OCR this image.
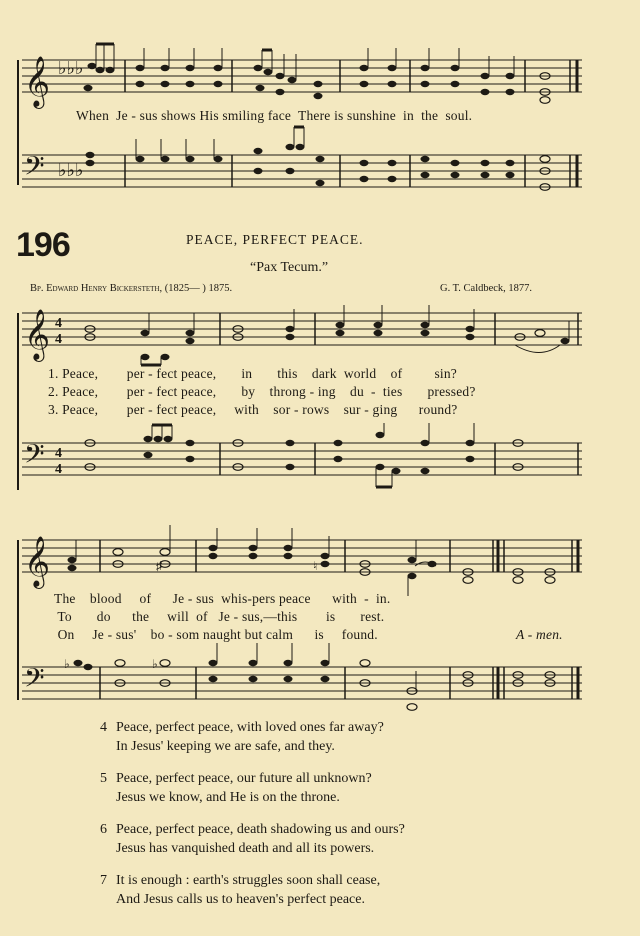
𝄞 ♭♭♭
𝄢 ♭♭♭
𝄞 4
4
𝄢 4
4
𝄞	♯	♮
𝄢 ♭	♭
When  Je - sus shows His smiling face  There is sunshine  in  the  soul.
196	PEACE, PERFECT PEACE.
“Pax Tecum.”
Bp. Edward Henry Bickersteth, (1825— ) 1875.	G. T. Caldbeck, 1877.
1. Peace,        per - fect peace,       in       this    dark  world    of         sin?
2. Peace,        per - fect peace,       by    throng - ing    du  -  ties       pressed?
3. Peace,        per - fect peace,     with    sor - rows    sur - ging      round?
The    blood     of      Je - sus  whis-pers peace      with  -  in.
To       do      the     will  of   Je - sus,—this        is       rest.
On     Je - sus'    bo - som naught but calm      is     found.	A - men.
4 Peace, perfect peace, with loved ones far away?
In Jesus' keeping we are safe, and they.
5 Peace, perfect peace, our future all unknown?
Jesus we know, and He is on the throne.
6 Peace, perfect peace, death shadowing us and ours?
Jesus has vanquished death and all its powers.
7 It is enough : earth's struggles soon shall cease,
And Jesus calls us to heaven's perfect peace.
